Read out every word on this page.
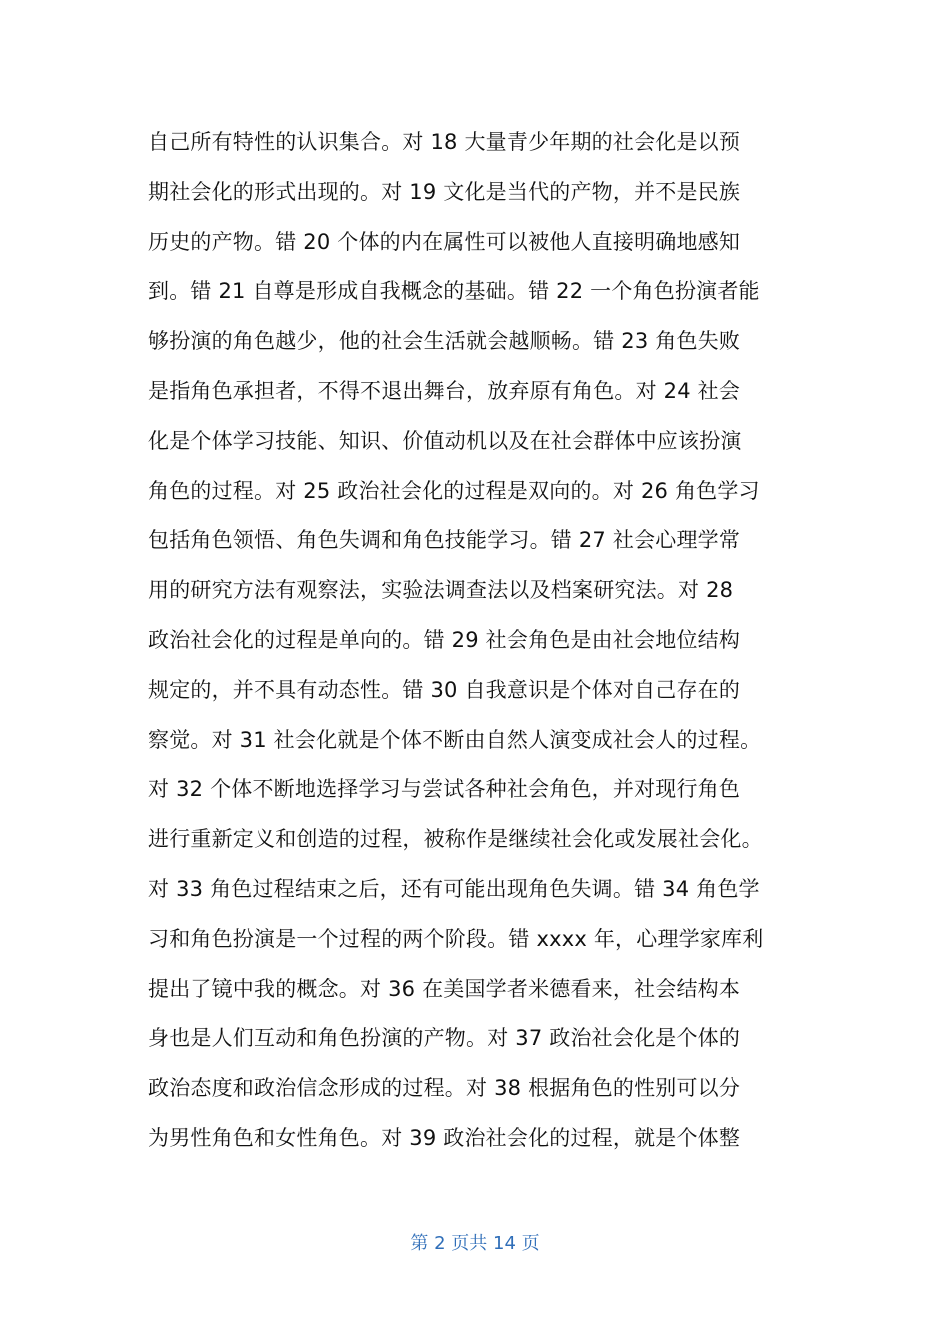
自己所有特性的认识集合。对 18 大量青少年期的社会化是以预
期社会化的形式出现的。对 19 文化是当代的产物，并不是民族
历史的产物。错 20 个体的内在属性可以被他人直接明确地感知
到。错 21 自尊是形成自我概念的基础。错 22 一个角色扮演者能
够扮演的角色越少，他的社会生活就会越顺畅。错 23 角色失败
是指角色承担者，不得不退出舞台，放弃原有角色。对 24 社会
化是个体学习技能、知识、价值动机以及在社会群体中应该扮演
角色的过程。对 25 政治社会化的过程是双向的。对 26 角色学习
包括角色领悟、角色失调和角色技能学习。错 27 社会心理学常
用的研究方法有观察法，实验法调查法以及档案研究法。对 28
政治社会化的过程是单向的。错 29 社会角色是由社会地位结构
规定的，并不具有动态性。错 30 自我意识是个体对自己存在的
察觉。对 31 社会化就是个体不断由自然人演变成社会人的过程。
对 32 个体不断地选择学习与尝试各种社会角色，并对现行角色
进行重新定义和创造的过程，被称作是继续社会化或发展社会化。
对 33 角色过程结束之后，还有可能出现角色失调。错 34 角色学
习和角色扮演是一个过程的两个阶段。错 xxxx 年，心理学家库利
提出了镜中我的概念。对 36 在美国学者米德看来，社会结构本
身也是人们互动和角色扮演的产物。对 37 政治社会化是个体的
政治态度和政治信念形成的过程。对 38 根据角色的性别可以分
为男性角色和女性角色。对 39 政治社会化的过程，就是个体整
第 2 页共 14 页
